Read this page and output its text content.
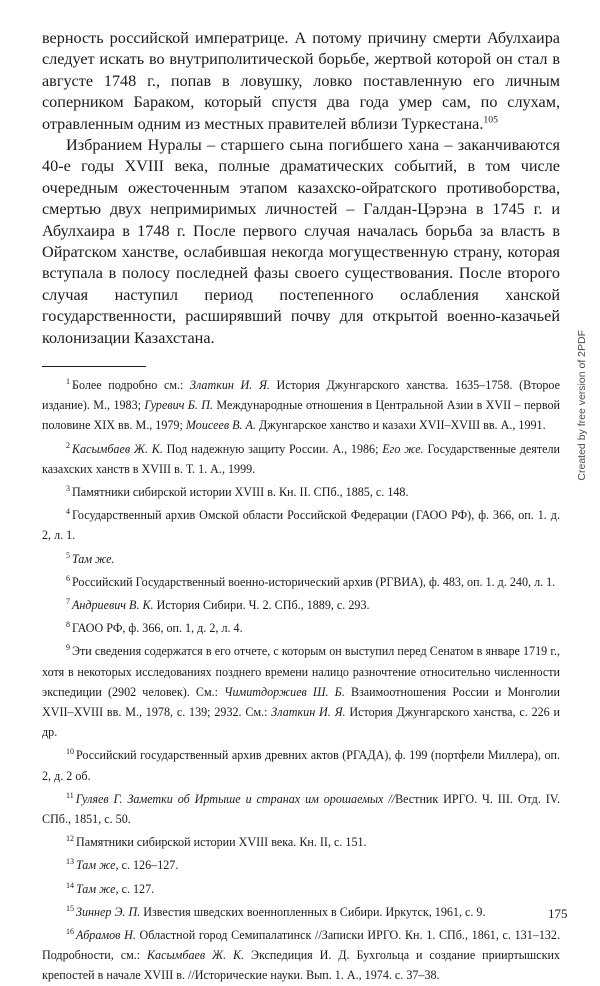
верность российской императрице. А потому причину смерти Абулхаира следует искать во внутриполитической борьбе, жертвой которой он стал в августе 1748 г., попав в ловушку, ловко поставленную его личным соперником Бараком, который спустя два года умер сам, по слухам, отравленным одним из местных правителей вблизи Туркестана.$^{105}$

Избранием Нуралы – старшего сына погибшего хана – заканчиваются 40-е годы XVIII века, полные драматических событий, в том числе очередным ожесточенным этапом казахско-ойратского противоборства, смертью двух непримиримых личностей – Галдан-Цэрэна в 1745 г. и Абулхаира в 1748 г. После первого случая началась борьба за власть в Ойратском ханстве, ослабившая некогда могущественную страну, которая вступала в полосу последней фазы своего существования. После второго случая наступил период постепенного ослабления ханской государственности, расширявший почву для открытой военно-казачьей колонизации Казахстана.

$^1$ Более подробно см.: Златкин И. Я. История Джунгарского ханства. 1635–1758. (Второе издание). М., 1983; Гуревич Б. П. Международные отношения в Центральной Азии в XVII – первой половине XIX вв. М., 1979; Моисеев В. А. Джунгарское ханство и казахи XVII–XVIII вв. А., 1991.

$^2$ Касымбаев Ж. К. Под надежную защиту России. А., 1986; Его же. Государственные деятели казахских ханств в XVIII в. Т. 1. А., 1999.

$^3$ Памятники сибирской истории XVIII в. Кн. II. СПб., 1885, с. 148.

$^4$ Государственный архив Омской области Российской Федерации (ГАОО РФ), ф. 366, оп. 1. д. 2, л. 1.

$^5$ Там же.

$^6$ Российский Государственный военно-исторический архив (РГВИА), ф. 483, оп. 1. д. 240, л. 1.

$^7$ Андриевич В. К. История Сибири. Ч. 2. СПб., 1889, с. 293.

$^8$ ГАОО РФ, ф. 366, оп. 1, д. 2, л. 4.

$^9$ Эти сведения содержатся в его отчете, с которым он выступил перед Сенатом в январе 1719 г., хотя в некоторых исследованиях позднего времени налицо разночтение относительно численности экспедиции (2902 человек). См.: Чимитдоржиев Ш. Б. Взаимоотношения России и Монголии XVII–XVIII вв. М., 1978, с. 139; 2932. См.: Златкин И. Я. История Джунгарского ханства, с. 226 и др.

$^{10}$ Российский государственный архив древних актов (РГАДА), ф. 199 (портфели Миллера), оп. 2, д. 2 об.

$^{11}$ Гуляев Г. Заметки об Иртыше и странах им орошаемых //Вестник ИРГО. Ч. III. Отд. IV. СПб., 1851, с. 50.

$^{12}$ Памятники сибирской истории XVIII века. Кн. II, с. 151.

$^{13}$ Там же, с. 126–127.

$^{14}$ Там же, с. 127.

$^{15}$ Зиннер Э. П. Известия шведских военнопленных в Сибири. Иркутск, 1961, с. 9.

$^{16}$ Абрамов Н. Областной город Семипалатинск //Записки ИРГО. Кн. 1. СПб., 1861, с. 131–132. Подробности, см.: Касымбаев Ж. К. Экспедиция И. Д. Бухгольца и создание прииртышских крепостей в начале XVIII в. //Исторические науки. Вып. 1. А., 1974. с. 37–38.

175
Created by free version of 2PDF
